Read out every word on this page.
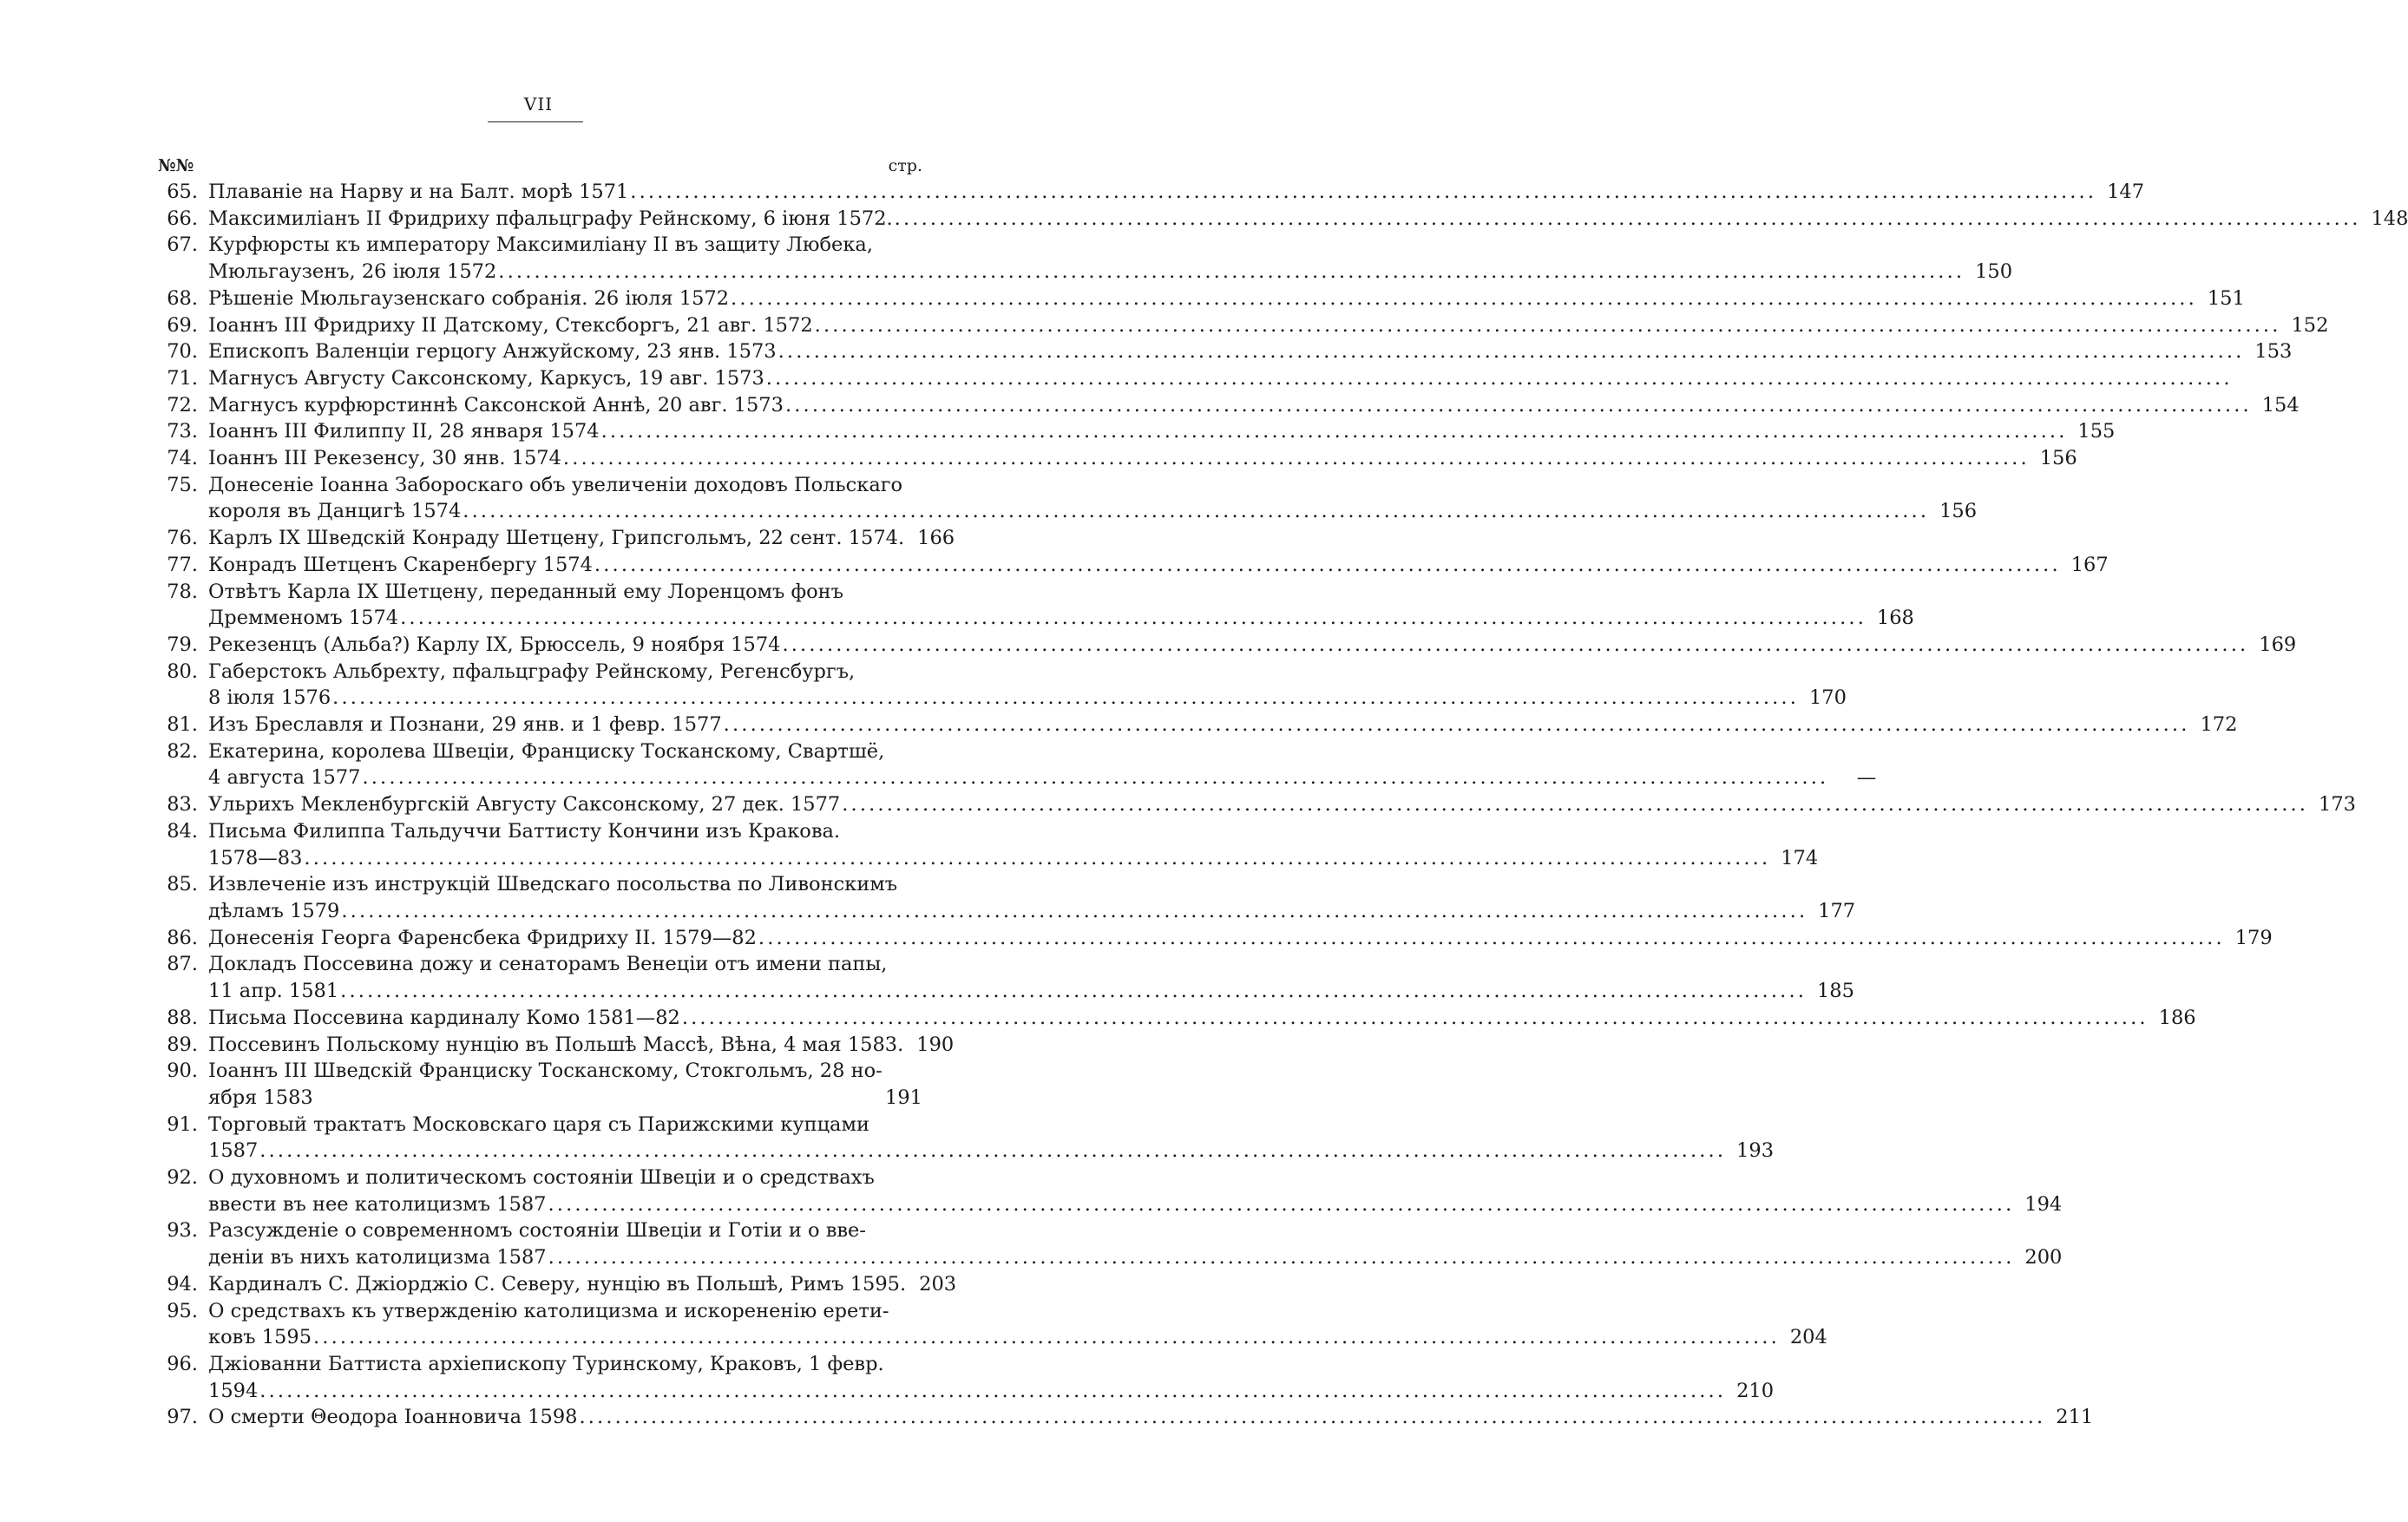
VII
№№	стр.
65. Плаванiе на Нарву и на Балт. морѣ 1571 . . .	147
66. Максимилiанъ II Фридриху пфальцграфу Рейнскому, 6 iюня 1572. . . .	148
67. Курфюрсты къ императору Максимилiану II въ защиту Любека,
Мюльгаузенъ, 26 iюля 1572 . . .	150
68. Рѣшенiе Мюльгаузенскаго собранiя. 26 iюля 1572 . . .	151
69. Iоаннъ III Фридриху II Датскому, Стексборгъ, 21 авг. 1572 . . .	152
70. Епископъ Валенцiи герцогу Анжуйскому, 23 янв. 1573 . . .	153
71. Магнусъ Августу Саксонскому, Каркусъ, 19 авг. 1573
. . .
72. Магнусъ курфюрстиннѣ Саксонской Аннѣ, 20 авг. 1573 . . .	154
73. Iоаннъ III Филиппу II, 28 января 1574 . . .	155
74. Iоаннъ III Рекезенсу, 30 янв. 1574 . . .	156
75. Донесенiе Iоанна Забороскаго объ увеличенiи доходовъ Польскаго
короля въ Данцигѣ 1574 . . .	156
76. Карлъ IX Шведскiй Конраду Шетцену, Грипсгольмъ, 22 сент. 1574. 166
77. Конрадъ Шетценъ Скаренбергу 1574 . . .	167
78. Отвѣтъ Карла IX Шетцену, переданный ему Лоренцомъ фонъ
Дремменомъ 1574 . . .	168
79. Рекезенцъ (Альба?) Карлу IX, Брюссель, 9 ноября 1574 . . .	169
80. Габерстокъ Альбрехту, пфальцграфу Рейнскому, Регенсбургъ,
8 iюля 1576 . . .	170
81. Изъ Бреславля и Познани, 29 янв. и 1 февр. 1577 . . .	172
82. Екатерина, королева Швецiи, Франциску Тосканскому, Свартшё,
4 августа 1577 . . .	—
83. Ульрихъ Мекленбургскiй Августу Саксонскому, 27 дек. 1577 . . .	173
84. Письма Филиппа Тальдуччи Баттисту Кончини изъ Кракова.
1578—83 . . .	174
85. Извлеченiе изъ инструкцiй Шведскаго посольства по Ливонскимъ
дѣламъ 1579 . . .	177
86. Донесенiя Георга Фаренсбека Фридриху II. 1579—82 . . .	179
87. Докладъ Поссевина дожу и сенаторамъ Венецiи отъ имени папы,
11 апр. 1581 . . .	185
88. Письма Поссевина кардиналу Комо 1581—82 . . .	186
89. Поссевинъ Польскому нунцiю въ Польшѣ Массѣ, Вѣна, 4 мая 1583. 190
90. Iоаннъ III Шведскiй Франциску Тосканскому, Стокгольмъ, 28 но-
ября 1583	191
91. Торговый трактатъ Московскаго царя съ Парижскими купцами
1587 . . .	193
92. О духовномъ и политическомъ состоянiи Швецiи и о средствахъ
ввести въ нее католицизмъ 1587 . . .	194
93. Разсужденiе о современномъ состоянiи Швецiи и Готiи и о вве-
денiи въ нихъ католицизма 1587 . . .	200
94. Кардиналъ С. Джiорджiо С. Северу, нунцiю въ Польшѣ, Римъ 1595. 203
95. О средствахъ къ утвержденiю католицизма и искорененiю ерети-
ковъ 1595 . . .	204
96. Джiованни Баттиста архiепископу Туринскому, Краковъ, 1 февр.
1594 . . .	210
97. О смерти Θеодора Iоанновича 1598 . . .	211
